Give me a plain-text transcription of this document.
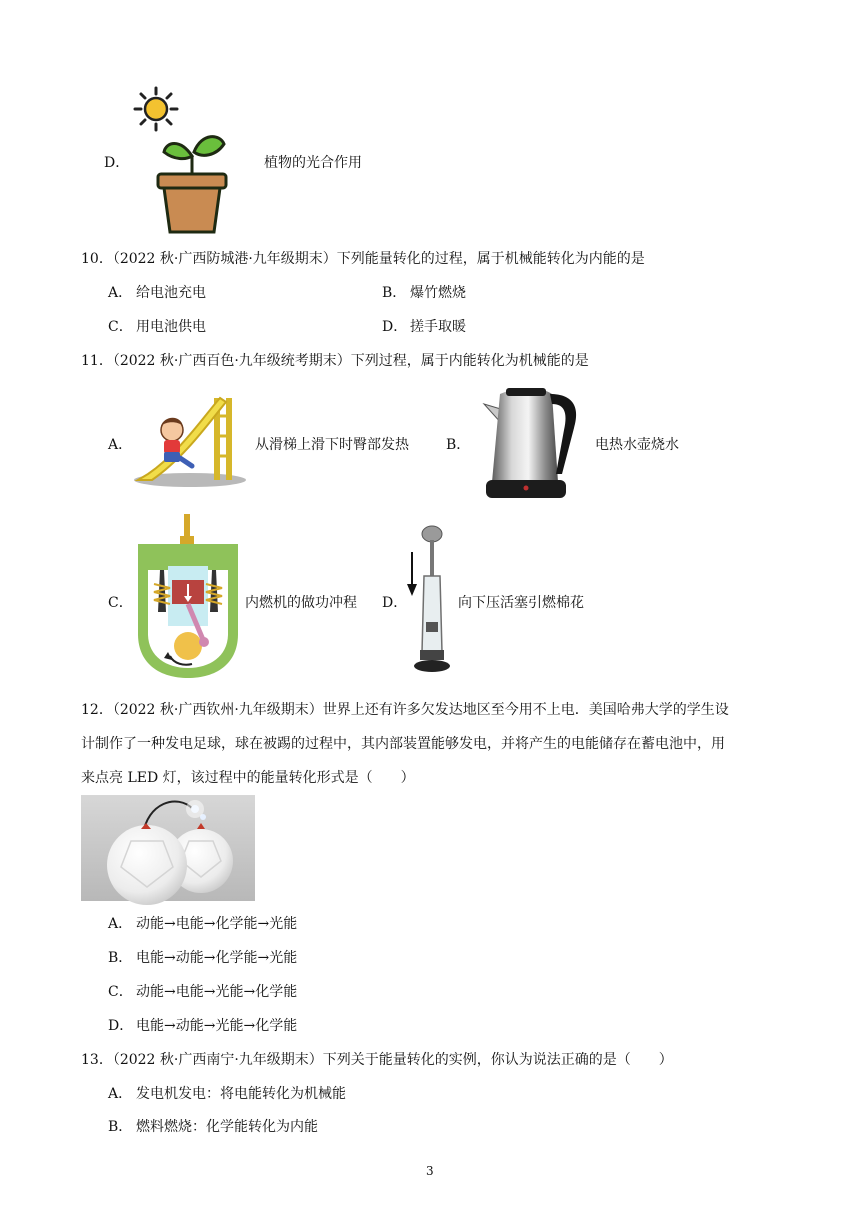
D．	植物的光合作用
10．（2022 秋·广西防城港·九年级期末）下列能量转化的过程，属于机械能转化为内能的是
A． 给电池充电	B． 爆竹燃烧
C． 用电池供电	D． 搓手取暖
11．（2022 秋·广西百色·九年级统考期末）下列过程，属于内能转化为机械能的是
A．	从滑梯上滑下时臀部发热	B．	电热水壶烧水
C．	内燃机的做功冲程 D．	向下压活塞引燃棉花
12．（2022 秋·广西钦州·九年级期末）世界上还有许多欠发达地区至今用不上电．美国哈弗大学的学生设
计制作了一种发电足球，球在被踢的过程中，其内部装置能够发电，并将产生的电能储存在蓄电池中，用
来点亮 LED 灯，该过程中的能量转化形式是（　　）
A． 动能→电能→化学能→光能
B． 电能→动能→化学能→光能
C． 动能→电能→光能→化学能
D． 电能→动能→光能→化学能
13．（2022 秋·广西南宁·九年级期末）下列关于能量转化的实例，你认为说法正确的是（　　）
A． 发电机发电：将电能转化为机械能
B． 燃料燃烧：化学能转化为内能
3
